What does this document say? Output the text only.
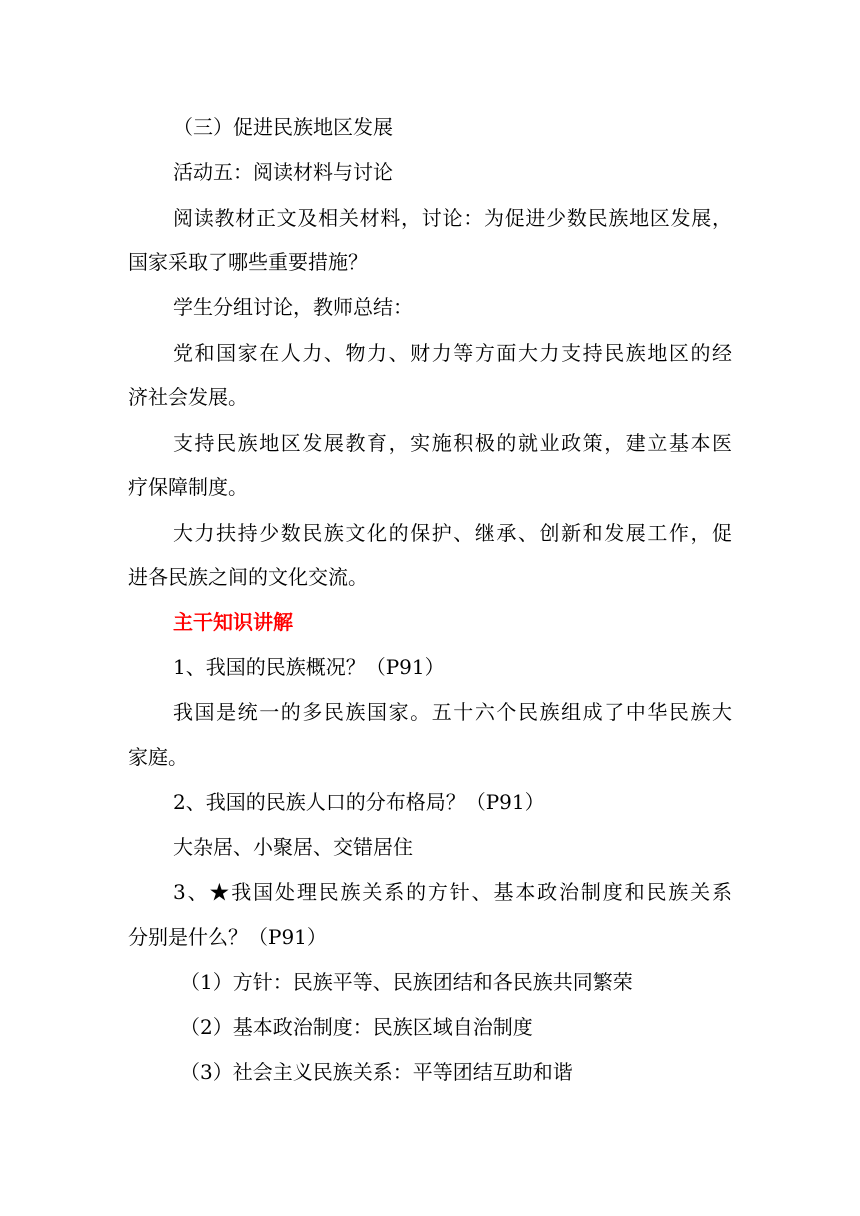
（三）促进民族地区发展
活动五：阅读材料与讨论
阅读教材正文及相关材料，讨论：为促进少数民族地区发展，
国家采取了哪些重要措施？
学生分组讨论，教师总结：
党和国家在人力、物力、财力等方面大力支持民族地区的经
济社会发展。
支持民族地区发展教育，实施积极的就业政策，建立基本医
疗保障制度。
大力扶持少数民族文化的保护、继承、创新和发展工作，促
进各民族之间的文化交流。
主干知识讲解
1、我国的民族概况？（P91）
我国是统一的多民族国家。五十六个民族组成了中华民族大
家庭。
2、我国的民族人口的分布格局？（P91）
大杂居、小聚居、交错居住
3、★我国处理民族关系的方针、基本政治制度和民族关系
分别是什么？（P91）
（1）方针：民族平等、民族团结和各民族共同繁荣
（2）基本政治制度：民族区域自治制度
（3）社会主义民族关系：平等团结互助和谐
